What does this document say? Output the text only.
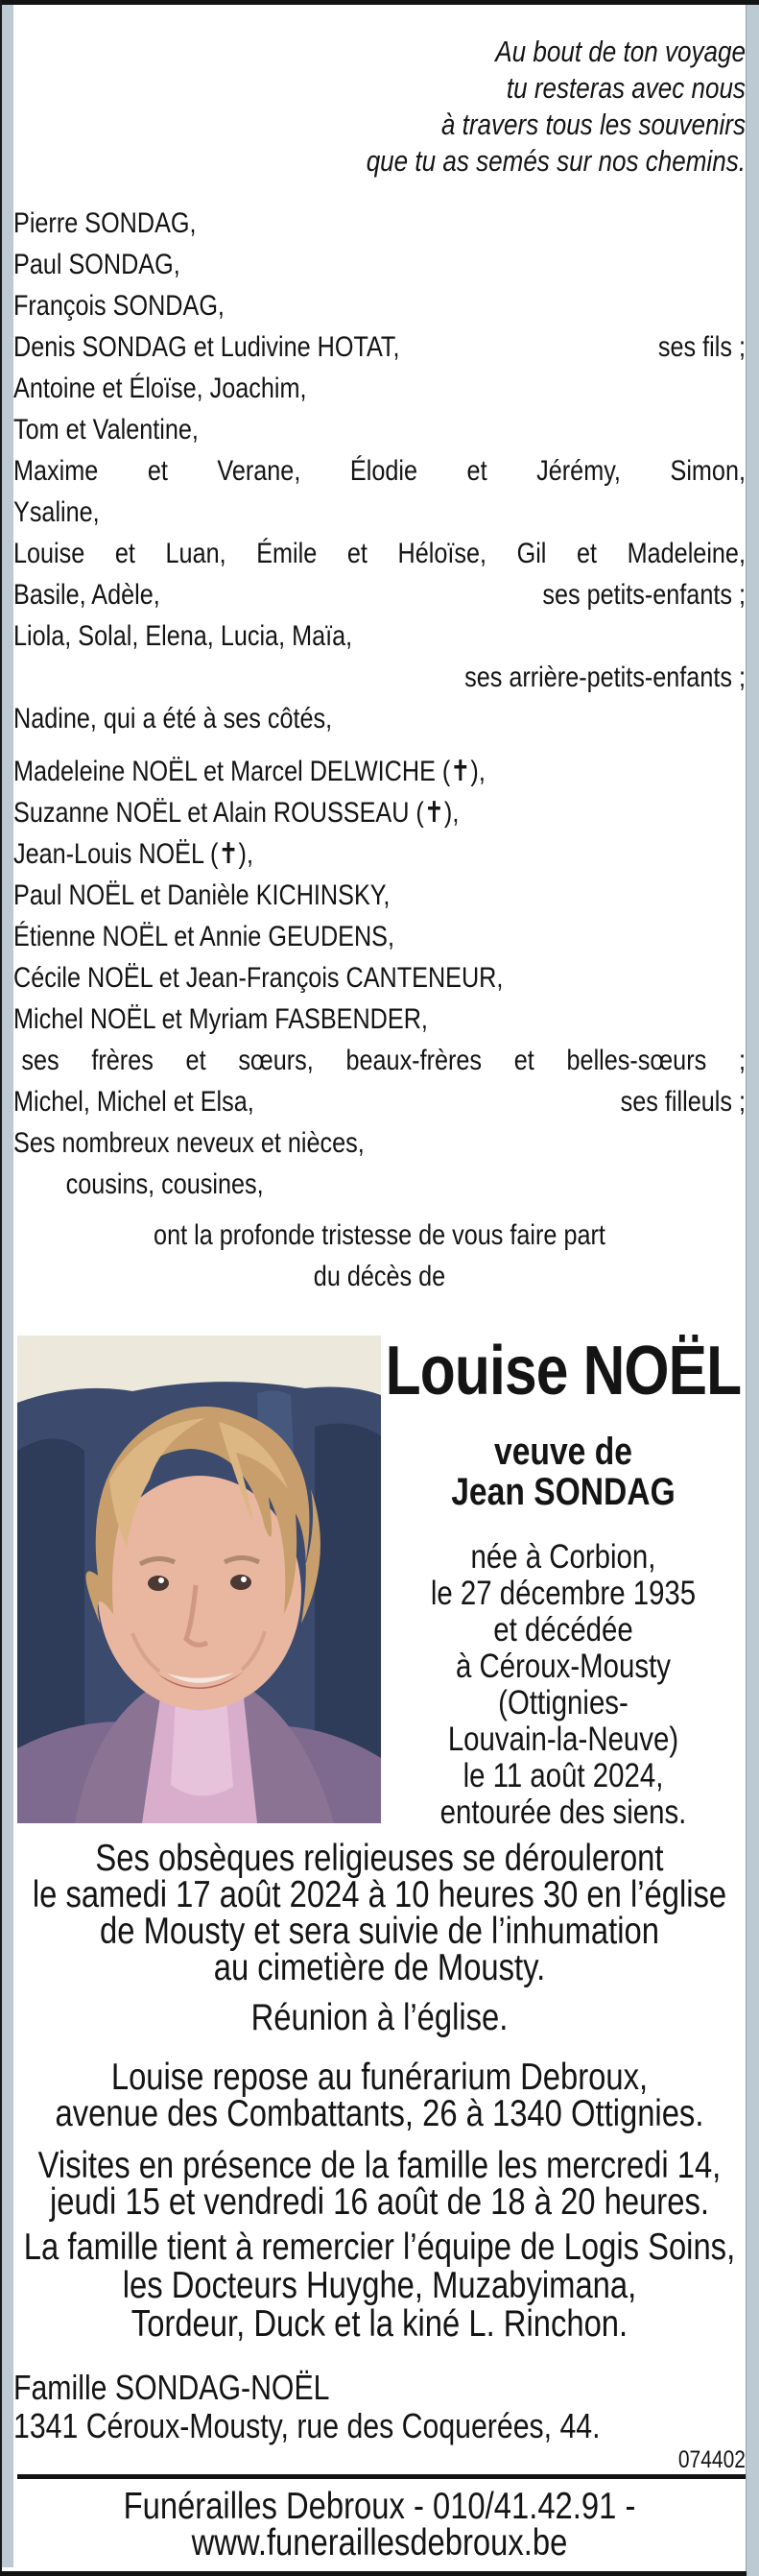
Au bout de ton voyage
tu resteras avec nous
à travers tous les souvenirs
que tu as semés sur nos chemins.
Pierre SONDAG,
Paul SONDAG,
François SONDAG,
Denis SONDAG et Ludivine HOTAT,	ses fils ;
Antoine et Éloïse, Joachim,
Tom et Valentine,
Maxime et Verane, Élodie et Jérémy, Simon,
Ysaline,
Louise et Luan, Émile et Héloïse, Gil et Madeleine,
Basile, Adèle,	ses petits-enfants ;
Liola, Solal, Elena, Lucia, Maïa,
ses arrière-petits-enfants ;
Nadine, qui a été à ses côtés,
Madeleine NOËL et Marcel DELWICHE (✝),
Suzanne NOËL et Alain ROUSSEAU (✝),
Jean-Louis NOËL (✝),
Paul NOËL et Danièle KICHINSKY,
Étienne NOËL et Annie GEUDENS,
Cécile NOËL et Jean-François CANTENEUR,
Michel NOËL et Myriam FASBENDER,
ses frères et sœurs, beaux-frères et belles-sœurs ;
Michel, Michel et Elsa,	ses filleuls ;
Ses nombreux neveux et nièces,
cousins, cousines,
ont la profonde tristesse de vous faire part
du décès de
Louise NOËL
veuve de
Jean SONDAG
née à Corbion,
le 27 décembre 1935
et décédée
à Céroux-Mousty
(Ottignies-
Louvain-la-Neuve)
le 11 août 2024,
entourée des siens.
Ses obsèques religieuses se dérouleront
le samedi 17 août 2024 à 10 heures 30 en l’église
de Mousty et sera suivie de l’inhumation
au cimetière de Mousty.
Réunion à l’église.
Louise repose au funérarium Debroux,
avenue des Combattants, 26 à 1340 Ottignies.
Visites en présence de la famille les mercredi 14,
jeudi 15 et vendredi 16 août de 18 à 20 heures.
La famille tient à remercier l’équipe de Logis Soins,
les Docteurs Huyghe, Muzabyimana,
Tordeur, Duck et la kiné L. Rinchon.
Famille SONDAG-NOËL
1341 Céroux-Mousty, rue des Coquerées, 44.
074402
Funérailles Debroux - 010/41.42.91 -
www.funeraillesdebroux.be
